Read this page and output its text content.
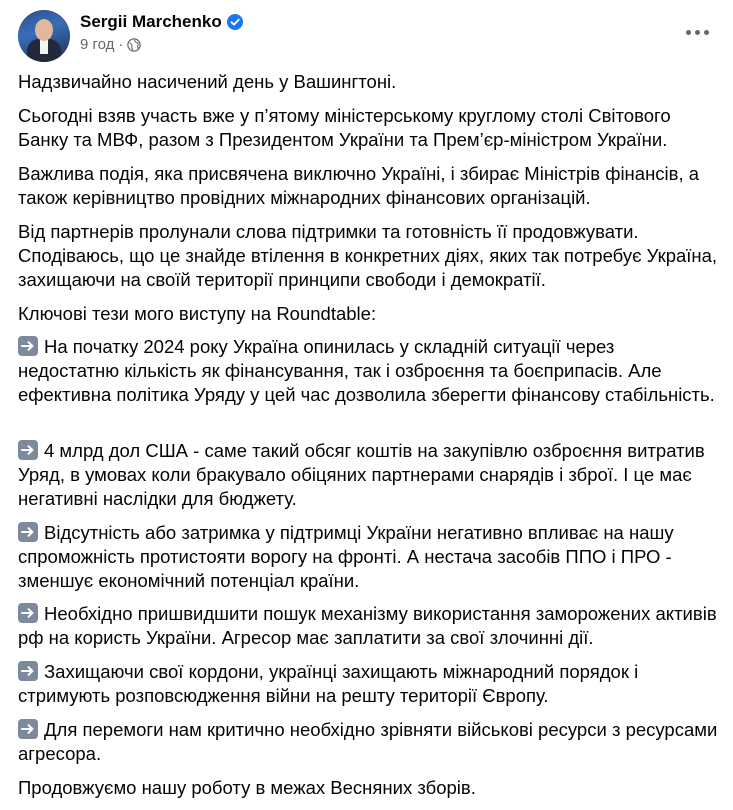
Sergii Marchenko
9 год ·

Надзвичайно насичений день у Вашингтоні.

Сьогодні взяв участь вже у п’ятому міністерському круглому столі Світового Банку та МВФ, разом з Президентом України та Прем’єр-міністром України.

Важлива подія, яка присвячена виключно Україні, і збирає Міністрів фінансів, а також керівництво провідних міжнародних фінансових організацій.

Від партнерів пролунали слова підтримки та готовність її продовжувати. Сподіваюсь, що це знайде втілення в конкретних діях, яких так потребує Україна, захищаючи на своїй території принципи свободи і демократії.

Ключові тези мого виступу на Roundtable:

На початку 2024 року Україна опинилась у складній ситуації через недостатню кількість як фінансування, так і озброєння та боєприпасів. Але ефективна політика Уряду у цей час дозволила зберегти фінансову стабільність.

4 млрд дол США - саме такий обсяг коштів на закупівлю озброєння витратив Уряд, в умовах коли бракувало обіцяних партнерами снарядів і зброї. І це має негативні наслідки для бюджету.

Відсутність або затримка у підтримці України негативно впливає на нашу спроможність протистояти ворогу на фронті. А нестача засобів ППО і ПРО - зменшує економічний потенціал країни.

Необхідно пришвидшити пошук механізму використання заморожених активів рф на користь України. Агресор має заплатити за свої злочинні дії.

Захищаючи свої кордони, українці захищають міжнародний порядок і стримують розповсюдження війни на решту території Європу.

Для перемоги нам критично необхідно зрівняти військові ресурси з ресурсами агресора.

Продовжуємо нашу роботу в межах Весняних зборів.
